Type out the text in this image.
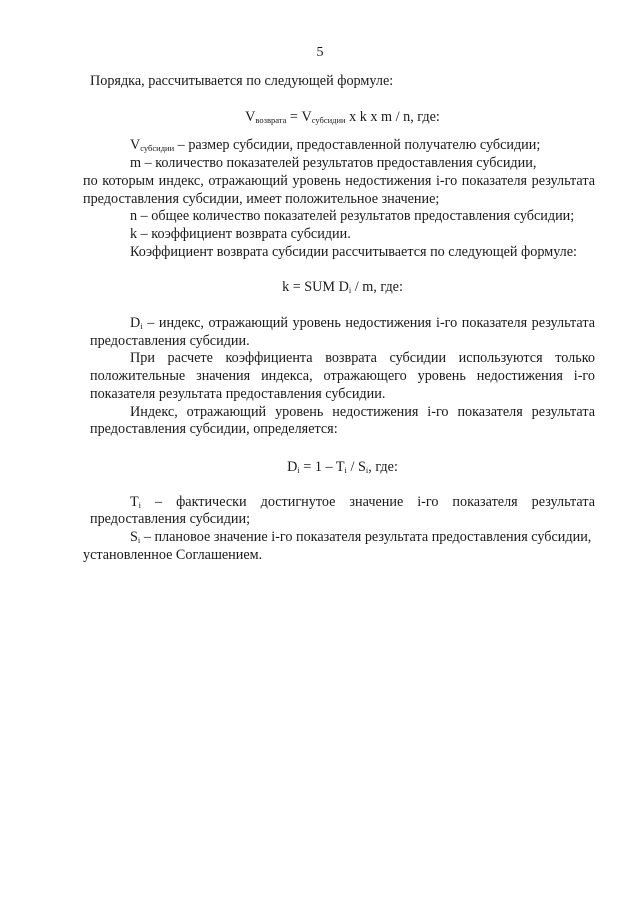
5

Порядка, рассчитывается по следующей формуле:

$V_{возврата} = V_{субсидии}$ x k x m / n, где:

$V_{субсидии}$ – размер субсидии, предоставленной получателю субсидии;

m – количество показателей результатов предоставления субсидии,

по которым индекс, отражающий уровень недостижения i-го показателя результата предоставления субсидии, имеет положительное значение;

n – общее количество показателей результатов предоставления субсидии;

k – коэффициент возврата субсидии.

Коэффициент возврата субсидии рассчитывается по следующей формуле:

k = SUM $D_i$ / m, где:

$D_i$ – индекс, отражающий уровень недостижения i-го показателя результата предоставления субсидии.

При расчете коэффициента возврата субсидии используются только положительные значения индекса, отражающего уровень недостижения i-го показателя результата предоставления субсидии.

Индекс, отражающий уровень недостижения i-го показателя результата предоставления субсидии, определяется:

$D_i = 1 - T_i / S_i$, где:

$T_i$ – фактически достигнутое значение i-го показателя результата предоставления субсидии;

$S_i$ – плановое значение i-го показателя результата предоставления субсидии,

установленное Соглашением.
